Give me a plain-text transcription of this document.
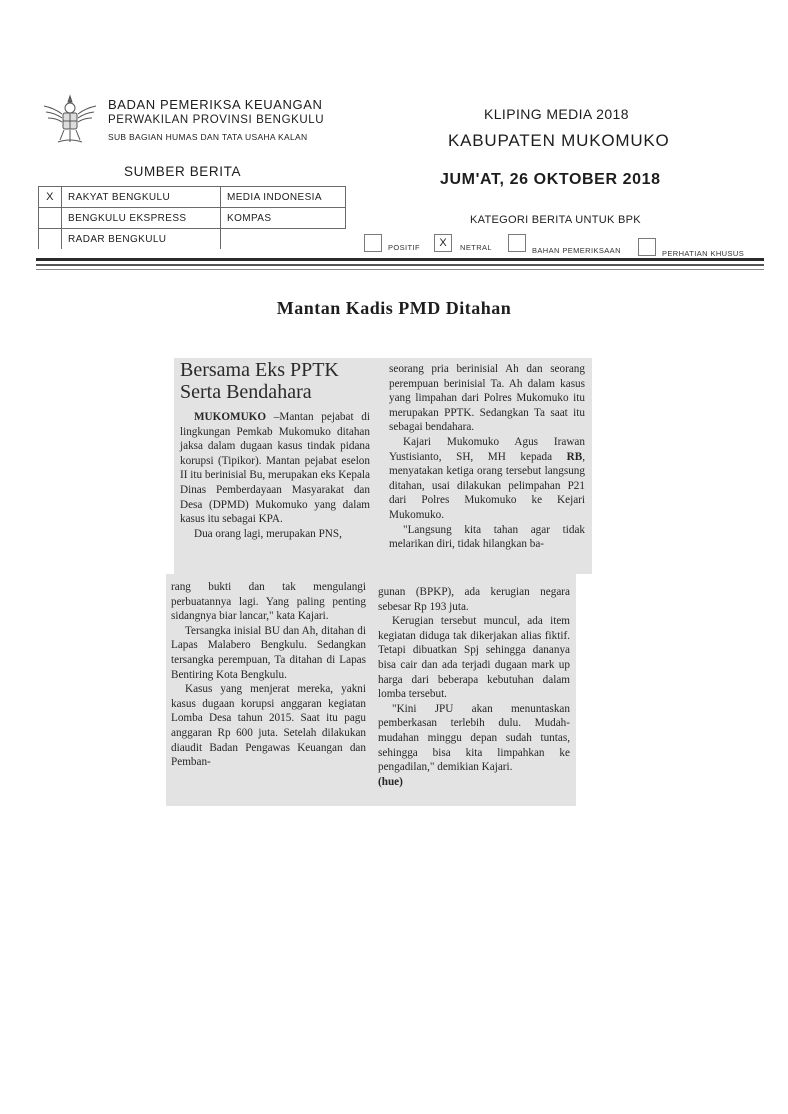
BADAN PEMERIKSA KEUANGAN
PERWAKILAN PROVINSI BENGKULU
SUB BAGIAN HUMAS DAN TATA USAHA KALAN
KLIPING MEDIA 2018
KABUPATEN MUKOMUKO
JUM'AT, 26 OKTOBER 2018
KATEGORI BERITA UNTUK BPK
SUMBER BERITA
X	RAKYAT BENGKULU	MEDIA INDONESIA
	BENGKULU EKSPRESS	KOMPAS
	RADAR BENGKULU	
POSITIF	X	NETRAL	BAHAN PEMERIKSAAN	PERHATIAN KHUSUS
Mantan Kadis PMD Ditahan
Bersama Eks PPTK
Serta Bendahara

MUKOMUKO –Mantan pejabat di lingkungan Pemkab Mukomuko ditahan jaksa dalam dugaan kasus tindak pidana korupsi (Tipikor). Mantan pejabat eselon II itu berinisial Bu, merupakan eks Kepala Dinas Pemberdayaan Masyarakat dan Desa (DPMD) Mukomuko yang dalam kasus itu sebagai KPA.

Dua orang lagi, merupakan PNS,

seorang pria berinisial Ah dan seorang perempuan berinisial Ta. Ah dalam kasus yang limpahan dari Polres Mukomuko itu merupakan PPTK. Sedangkan Ta saat itu sebagai bendahara.

Kajari Mukomuko Agus Irawan Yustisianto, SH, MH kepada RB, menyatakan ketiga orang tersebut langsung ditahan, usai dilakukan pelimpahan P21 dari Polres Mukomuko ke Kejari Mukomuko.

"Langsung kita tahan agar tidak melarikan diri, tidak hilangkan ba-

rang bukti dan tak mengulangi perbuatannya lagi. Yang paling penting sidangnya biar lancar," kata Kajari.

Tersangka inisial BU dan Ah, ditahan di Lapas Malabero Bengkulu. Sedangkan tersangka perempuan, Ta ditahan di Lapas Bentiring Kota Bengkulu.

Kasus yang menjerat mereka, yakni kasus dugaan korupsi anggaran kegiatan Lomba Desa tahun 2015. Saat itu pagu anggaran Rp 600 juta. Setelah dilakukan diaudit Badan Pengawas Keuangan dan Pemban-

gunan (BPKP), ada kerugian negara sebesar Rp 193 juta.

Kerugian tersebut muncul, ada item kegiatan diduga tak dikerjakan alias fiktif. Tetapi dibuatkan Spj sehingga dananya bisa cair dan ada terjadi dugaan mark up harga dari beberapa kebutuhan dalam lomba tersebut.

"Kini JPU akan menuntaskan pemberkasan terlebih dulu. Mudah-mudahan minggu depan sudah tuntas, sehingga bisa kita limpahkan ke pengadilan," demikian Kajari.

(hue)
